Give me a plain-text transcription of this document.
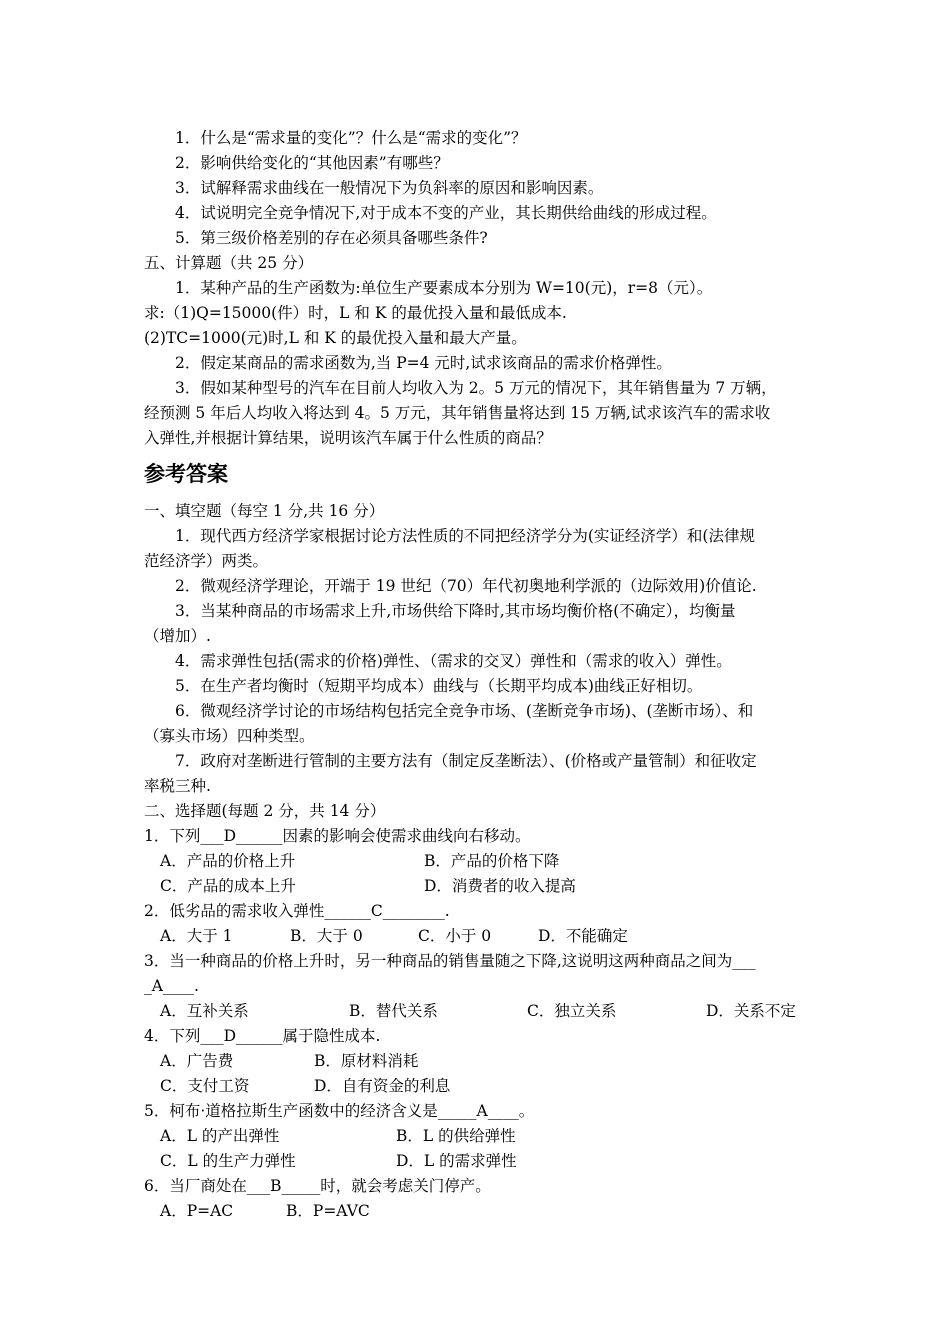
1．什么是“需求量的变化”？什么是“需求的变化”？
2．影响供给变化的“其他因素”有哪些？
3．试解释需求曲线在一般情况下为负斜率的原因和影响因素。
4．试说明完全竞争情况下,对于成本不变的产业，其长期供给曲线的形成过程。
5．第三级价格差别的存在必须具备哪些条件?
五、计算题（共 25 分）
1．某种产品的生产函数为:单位生产要素成本分别为 W=10(元)，r=8（元）。
求:（1)Q=15000(件）时，L 和 K 的最优投入量和最低成本.
(2)TC=1000(元)时,L 和 K 的最优投入量和最大产量。
2．假定某商品的需求函数为,当 P=4 元时,试求该商品的需求价格弹性。
3．假如某种型号的汽车在目前人均收入为 2。5 万元的情况下，其年销售量为 7 万辆，
经预测 5 年后人均收入将达到 4。5 万元，其年销售量将达到 15 万辆,试求该汽车的需求收
入弹性,并根据计算结果，说明该汽车属于什么性质的商品？
参考答案
一、填空题（每空 1 分,共 16 分）
1．现代西方经济学家根据讨论方法性质的不同把经济学分为(实证经济学）和(法律规
范经济学）两类。
2．微观经济学理论，开端于 19 世纪（70）年代初奥地利学派的（边际效用)价值论.
3．当某种商品的市场需求上升,市场供给下降时,其市场均衡价格(不确定），均衡量
（增加）.
4．需求弹性包括(需求的价格)弹性、（需求的交叉）弹性和（需求的收入）弹性。
5．在生产者均衡时（短期平均成本）曲线与（长期平均成本)曲线正好相切。
6．微观经济学讨论的市场结构包括完全竞争市场、(垄断竞争市场)、(垄断市场）、和
（寡头市场）四种类型。
7．政府对垄断进行管制的主要方法有（制定反垄断法）、(价格或产量管制）和征收定
率税三种.
二、选择题(每题 2 分，共 14 分）
1．下列___D______因素的影响会使需求曲线向右移动。
A．产品的价格上升	B．产品的价格下降
C．产品的成本上升	D．消费者的收入提高
2．低劣品的需求收入弹性______C________.
A．大于 1	B．大于 0	C．小于 0	D．不能确定
3．当一种商品的价格上升时，另一种商品的销售量随之下降,这说明这两种商品之间为___
_A____.
A．互补关系	B．替代关系	C．独立关系	D．关系不定
4．下列___D______属于隐性成本.
A．广告费	B．原材料消耗
C．支付工资	D．自有资金的利息
5．柯布·道格拉斯生产函数中的经济含义是_____A____。
A．L 的产出弹性	B．L 的供给弹性
C．L 的生产力弹性	D．L 的需求弹性
6．当厂商处在___B_____时，就会考虑关门停产。
A．P=AC	B．P=AVC
